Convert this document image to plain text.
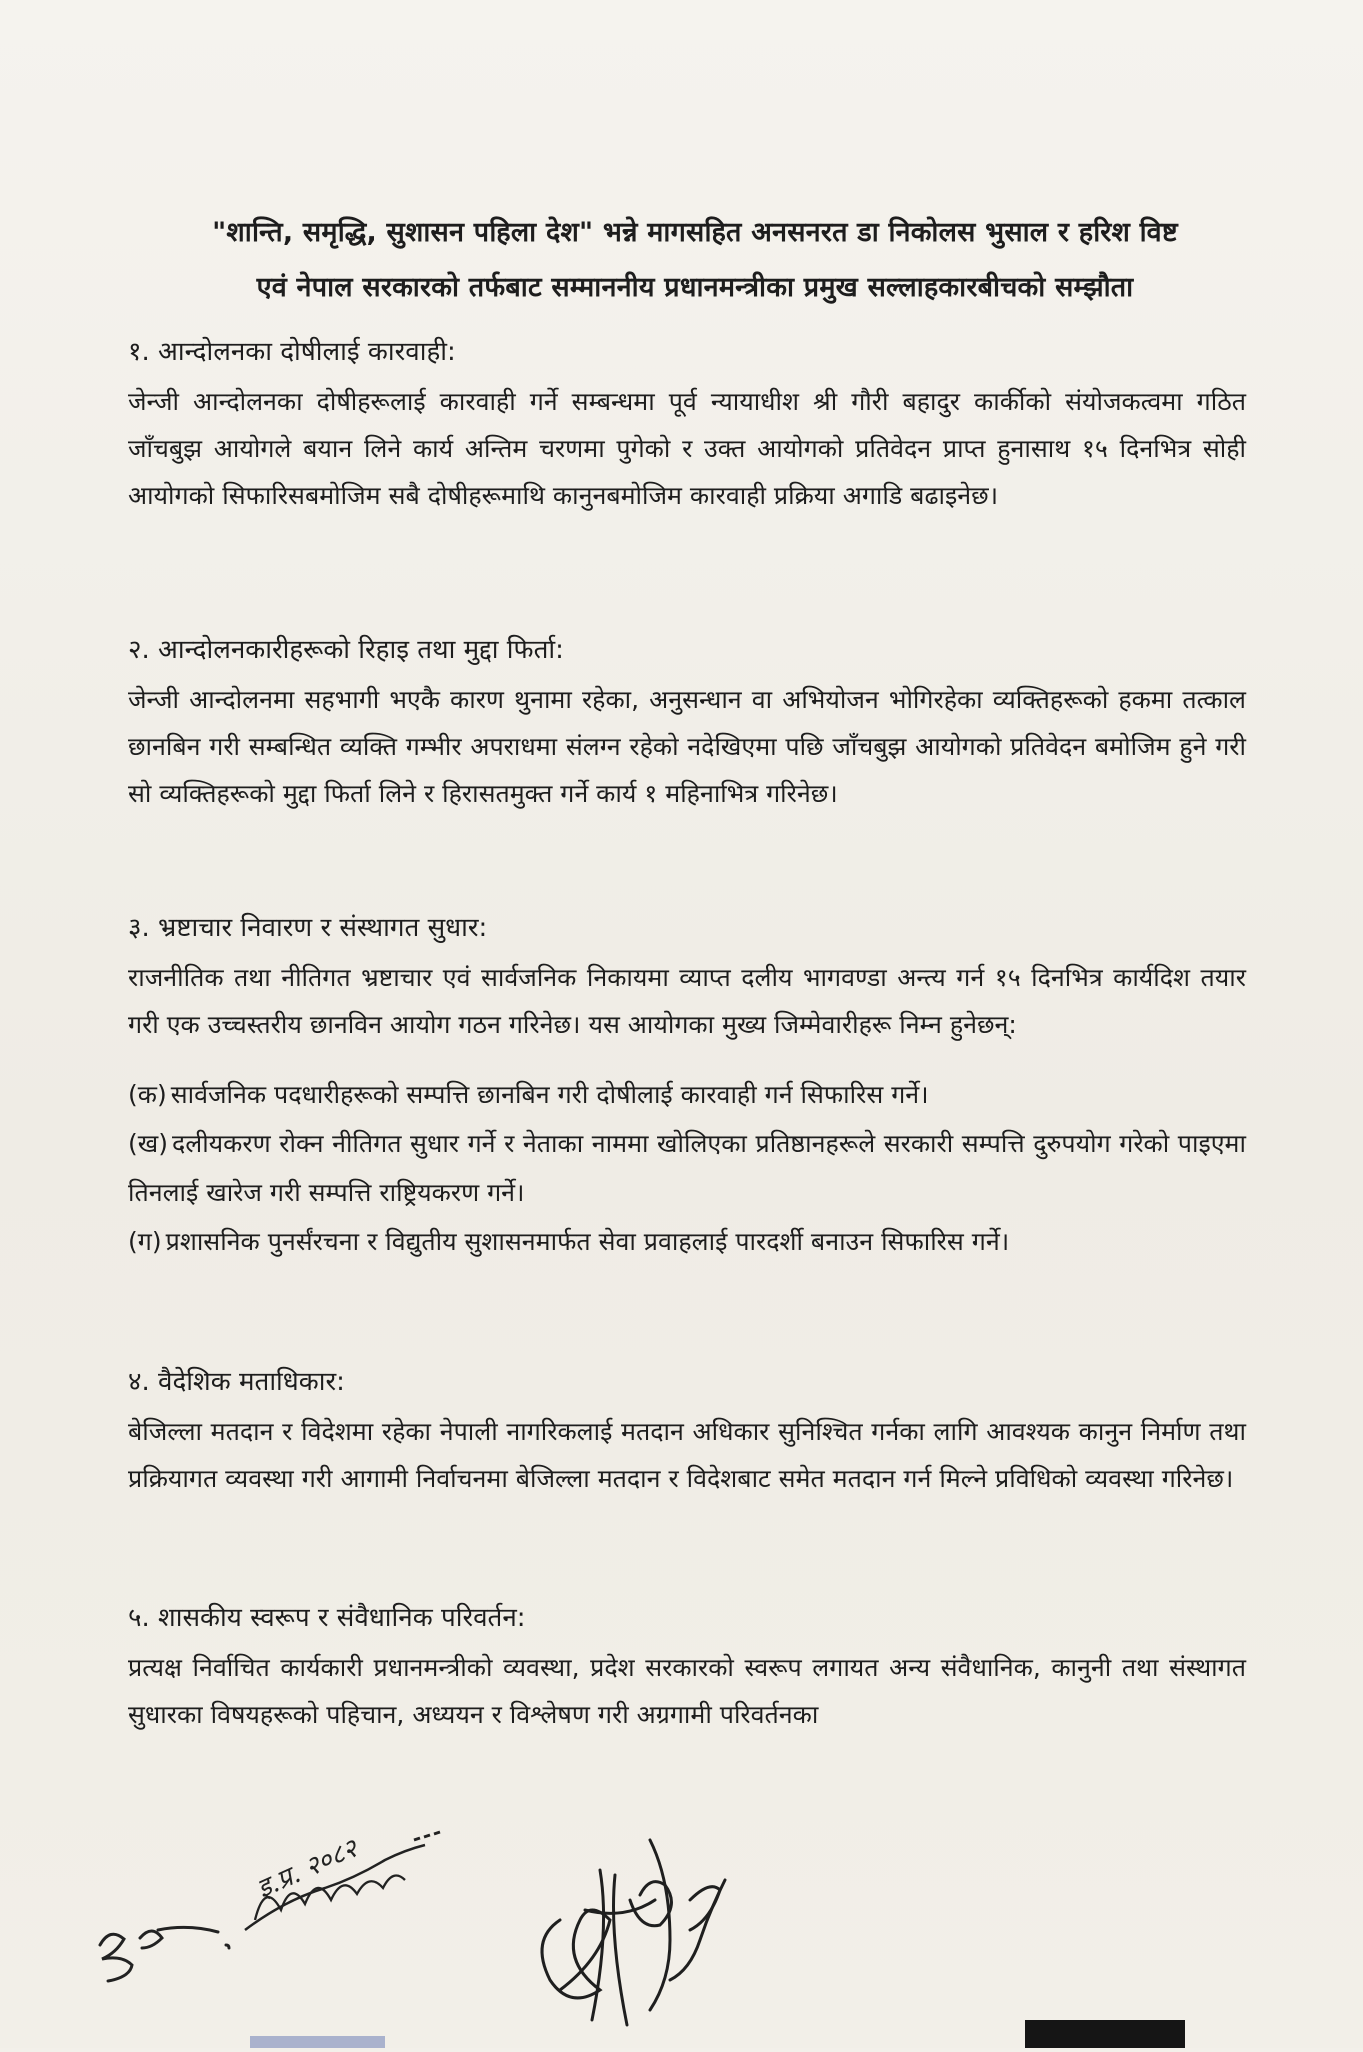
"शान्ति, समृद्धि, सुशासन पहिला देश" भन्ने मागसहित अनसनरत डा निकोलस भुसाल र हरिश विष्ट
एवं नेपाल सरकारको तर्फबाट सम्माननीय प्रधानमन्त्रीका प्रमुख सल्लाहकारबीचको सम्झौता

१. आन्दोलनका दोषीलाई कारवाही:

जेन्जी आन्दोलनका दोषीहरूलाई कारवाही गर्ने सम्बन्धमा पूर्व न्यायाधीश श्री गौरी बहादुर कार्कीको संयोजकत्वमा गठित जाँचबुझ आयोगले बयान लिने कार्य अन्तिम चरणमा पुगेको र उक्त आयोगको प्रतिवेदन प्राप्त हुनासाथ १५ दिनभित्र सोही आयोगको सिफारिसबमोजिम सबै दोषीहरूमाथि कानुनबमोजिम कारवाही प्रक्रिया अगाडि बढाइनेछ।

२. आन्दोलनकारीहरूको रिहाइ तथा मुद्दा फिर्ता:

जेन्जी आन्दोलनमा सहभागी भएकै कारण थुनामा रहेका, अनुसन्धान वा अभियोजन भोगिरहेका व्यक्तिहरूको हकमा तत्काल छानबिन गरी सम्बन्धित व्यक्ति गम्भीर अपराधमा संलग्न रहेको नदेखिएमा पछि जाँचबुझ आयोगको प्रतिवेदन बमोजिम हुने गरी सो व्यक्तिहरूको मुद्दा फिर्ता लिने र हिरासतमुक्त गर्ने कार्य १ महिनाभित्र गरिनेछ।

३. भ्रष्टाचार निवारण र संस्थागत सुधार:

राजनीतिक तथा नीतिगत भ्रष्टाचार एवं सार्वजनिक निकायमा व्याप्त दलीय भागवण्डा अन्त्य गर्न १५ दिनभित्र कार्यदिश तयार गरी एक उच्चस्तरीय छानविन आयोग गठन गरिनेछ। यस आयोगका मुख्य जिम्मेवारीहरू निम्न हुनेछन्:

(क) सार्वजनिक पदधारीहरूको सम्पत्ति छानबिन गरी दोषीलाई कारवाही गर्न सिफारिस गर्ने।

(ख) दलीयकरण रोक्न नीतिगत सुधार गर्ने र नेताका नाममा खोलिएका प्रतिष्ठानहरूले सरकारी सम्पत्ति दुरुपयोग गरेको पाइएमा तिनलाई खारेज गरी सम्पत्ति राष्ट्रियकरण गर्ने।

(ग) प्रशासनिक पुनर्संरचना र विद्युतीय सुशासनमार्फत सेवा प्रवाहलाई पारदर्शी बनाउन सिफारिस गर्ने।

४. वैदेशिक मताधिकार:

बेजिल्ला मतदान र विदेशमा रहेका नेपाली नागरिकलाई मतदान अधिकार सुनिश्चित गर्नका लागि आवश्यक कानुन निर्माण तथा प्रक्रियागत व्यवस्था गरी आगामी निर्वाचनमा बेजिल्ला मतदान र विदेशबाट समेत मतदान गर्न मिल्ने प्रविधिको व्यवस्था गरिनेछ।

५. शासकीय स्वरूप र संवैधानिक परिवर्तन:

प्रत्यक्ष निर्वाचित कार्यकारी प्रधानमन्त्रीको व्यवस्था, प्रदेश सरकारको स्वरूप लगायत अन्य संवैधानिक, कानुनी तथा संस्थागत सुधारका विषयहरूको पहिचान, अध्ययन र विश्लेषण गरी अग्रगामी परिवर्तनका

इ.प्र. २०८२
